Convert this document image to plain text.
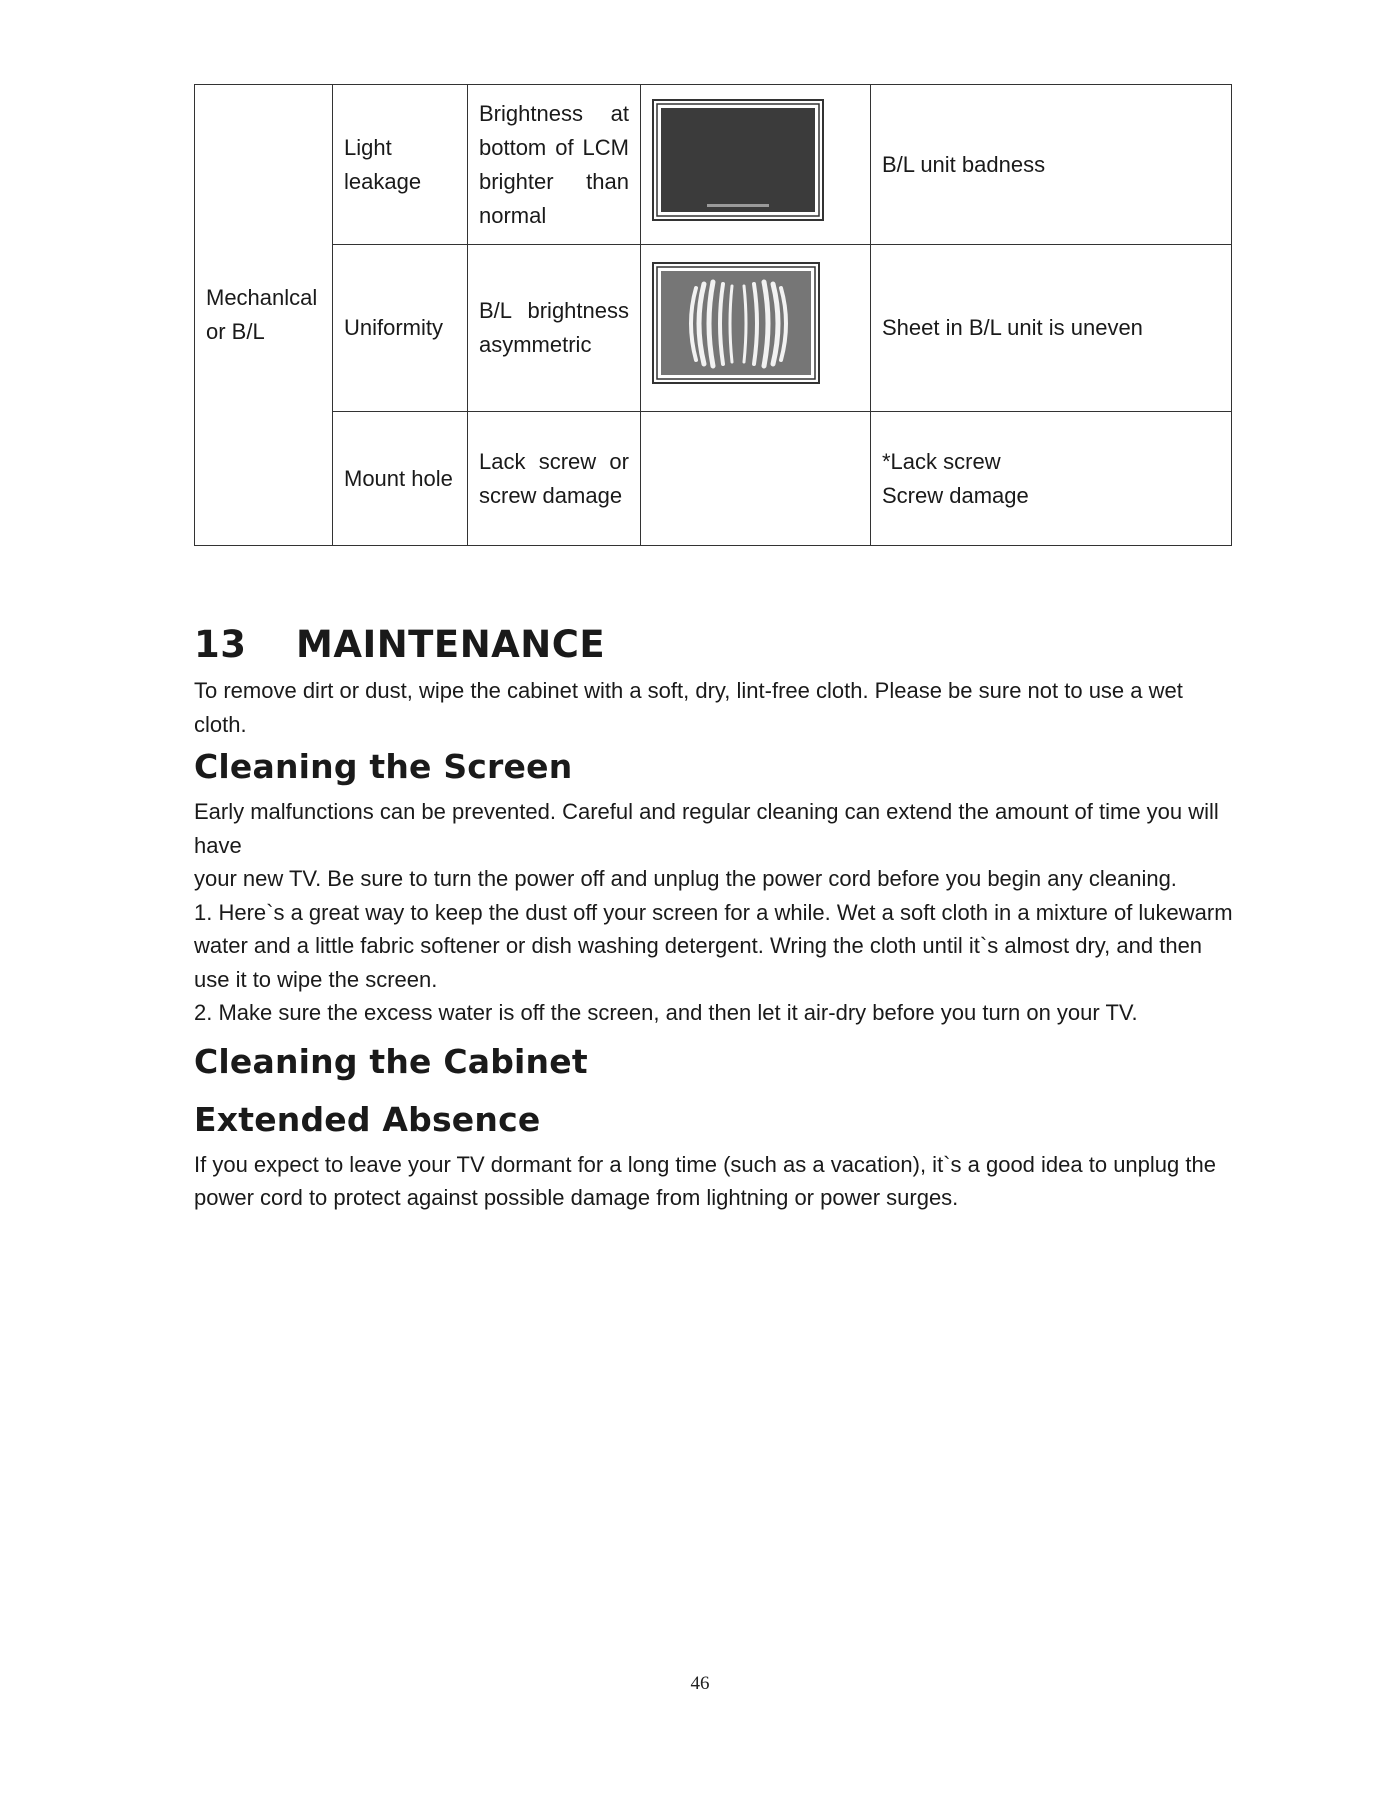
Mechanlcal or B/L	Light leakage	Brightness at bottom of LCM brighter than normal		B/L unit badness

	Uniformity	B/L brightness asymmetric		Sheet in B/L unit is uneven

	Mount hole	Lack screw or screw damage		*Lack screw
Screw damage
13	MAINTENANCE

To remove dirt or dust, wipe the cabinet with a soft, dry, lint-free cloth. Please be sure not to use a wet cloth.

Cleaning the Screen
Early malfunctions can be prevented. Careful and regular cleaning can extend the amount of time you will have
your new TV. Be sure to turn the power off and unplug the power cord before you begin any cleaning.
1. Here`s a great way to keep the dust off your screen for a while. Wet a soft cloth in a mixture of lukewarm water and a little fabric softener or dish washing detergent. Wring the cloth until it`s almost dry, and then use it to wipe the screen.
2. Make sure the excess water is off the screen, and then let it air-dry before you turn on your TV.
Cleaning the Cabinet
Extended Absence

If you expect to leave your TV dormant for a long time (such as a vacation), it`s a good idea to unplug the power cord to protect against possible damage from lightning or power surges.

46
